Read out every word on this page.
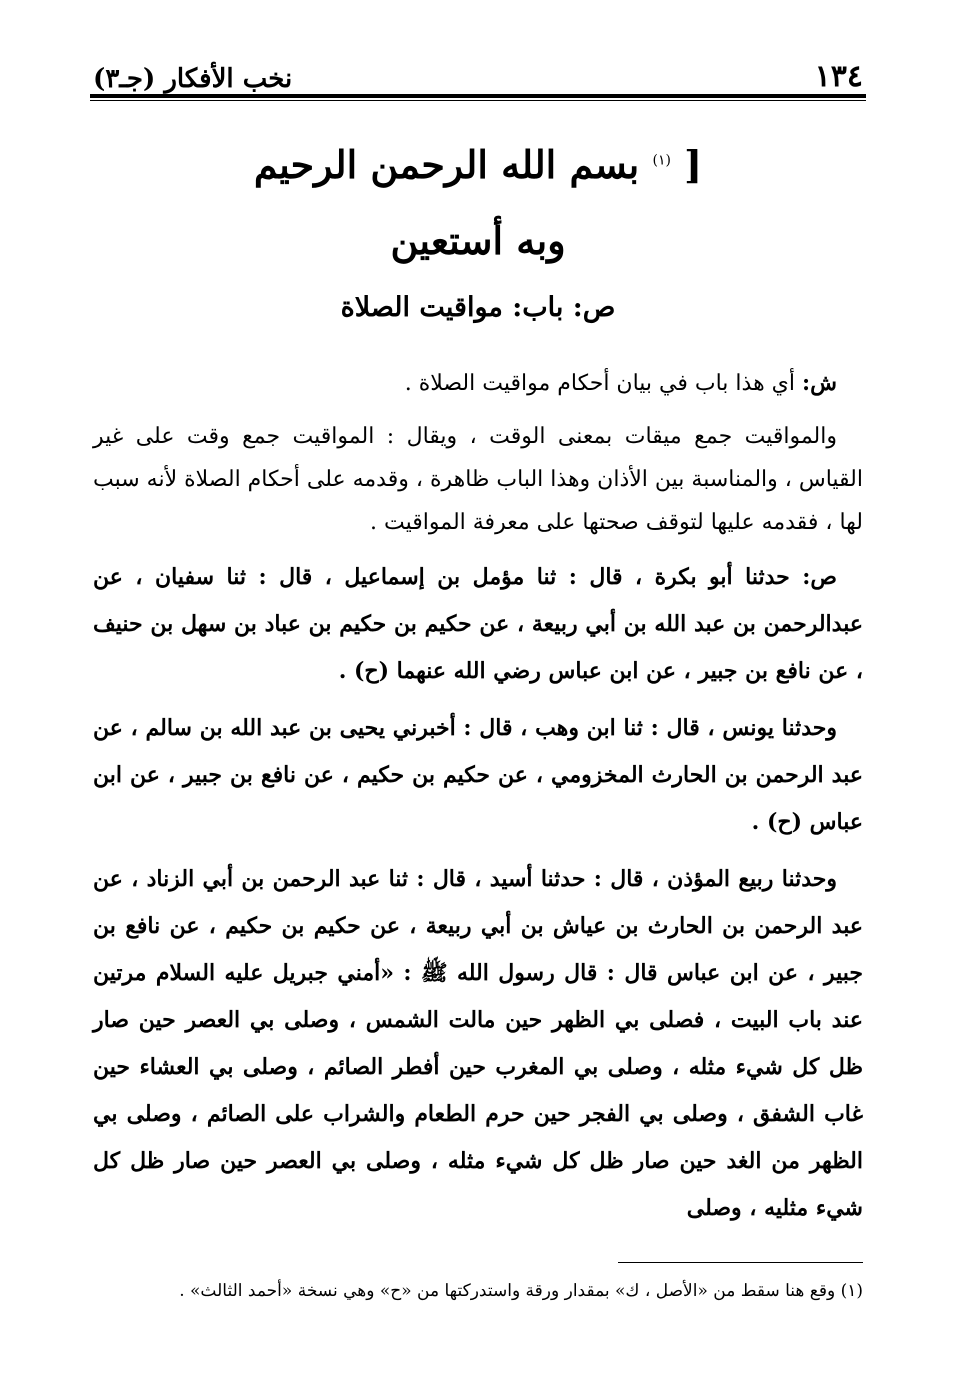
١٣٤
نخب الأفكار (جـ٣)
[ $^{(١)}$ بسم الله الرحمن الرحيم
وبه أستعين
ص: باب: مواقيت الصلاة

ش: أي هذا باب في بيان أحكام مواقيت الصلاة .

والمواقيت جمع ميقات بمعنى الوقت ، ويقال : المواقيت جمع وقت على غير القياس ، والمناسبة بين الأذان وهذا الباب ظاهرة ، وقدمه على أحكام الصلاة لأنه سبب لها ، فقدمه عليها لتوقف صحتها على معرفة المواقيت .

ص: حدثنا أبو بكرة ، قال : ثنا مؤمل بن إسماعيل ، قال : ثنا سفيان ، عن عبدالرحمن بن عبد الله بن أبي ربيعة ، عن حكيم بن حكيم بن عباد بن سهل بن حنيف ، عن نافع بن جبير ، عن ابن عباس رضي الله عنهما (ح) .

وحدثنا يونس ، قال : ثنا ابن وهب ، قال : أخبرني يحيى بن عبد الله بن سالم ، عن عبد الرحمن بن الحارث المخزومي ، عن حكيم بن حكيم ، عن نافع بن جبير ، عن ابن عباس (ح) .

وحدثنا ربيع المؤذن ، قال : حدثنا أسيد ، قال : ثنا عبد الرحمن بن أبي الزناد ، عن عبد الرحمن بن الحارث بن عياش بن أبي ربيعة ، عن حكيم بن حكيم ، عن نافع بن جبير ، عن ابن عباس قال : قال رسول الله ﷺ : «أمني جبريل عليه السلام مرتين عند باب البيت ، فصلى بي الظهر حين مالت الشمس ، وصلى بي العصر حين صار ظل كل شيء مثله ، وصلى بي المغرب حين أفطر الصائم ، وصلى بي العشاء حين غاب الشفق ، وصلى بي الفجر حين حرم الطعام والشراب على الصائم ، وصلى بي الظهر من الغد حين صار ظل كل شيء مثله ، وصلى بي العصر حين صار ظل كل شيء مثليه ، وصلى

(١) وقع هنا سقط من «الأصل ، ك» بمقدار ورقة واستدركتها من «ح» وهي نسخة «أحمد الثالث» .
